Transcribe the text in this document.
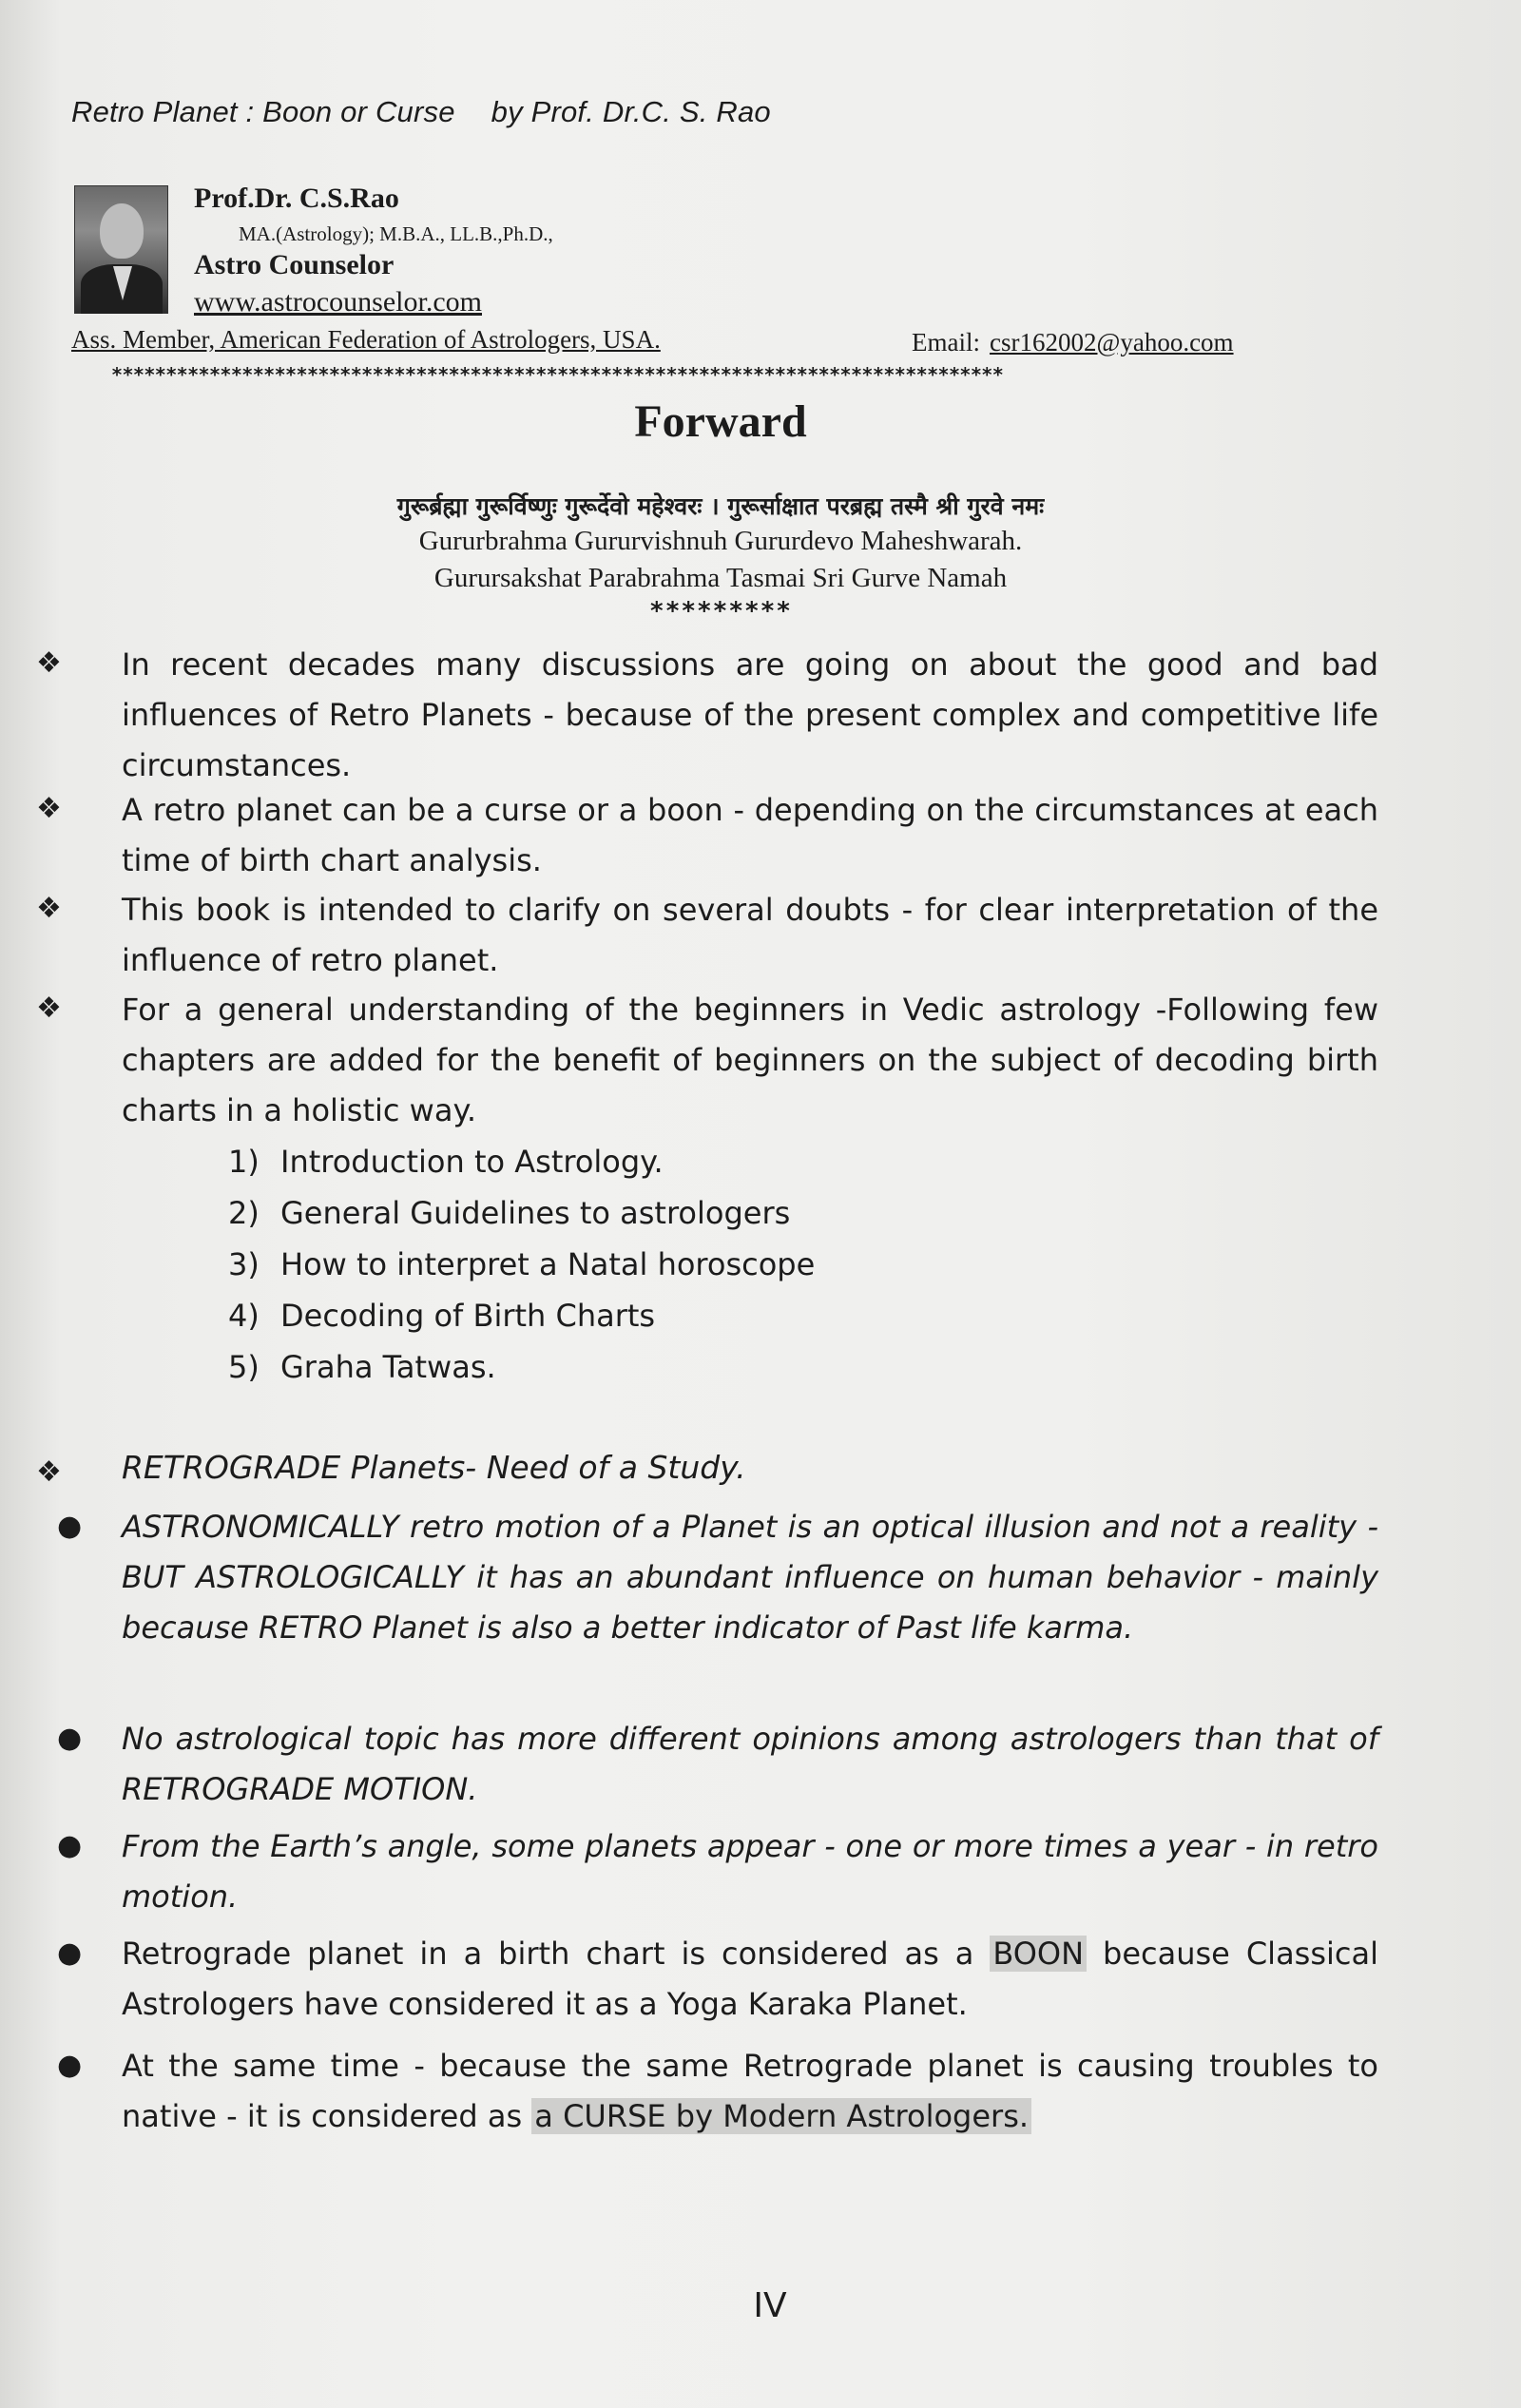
Retro Planet : Boon or Curse by Prof. Dr.C. S. Rao
Prof.Dr. C.S.Rao
MA.(Astrology); M.B.A., LL.B.,Ph.D.,
Astro Counselor
www.astrocounselor.com
Ass. Member, American Federation of Astrologers, USA.	Email: csr162002@yahoo.com
**********************************************************************************
Forward
गुरूर्ब्रह्मा गुरूर्विष्णुः गुरूर्देवो महेश्वरः । गुरूर्साक्षात परब्रह्म तस्मै श्री गुरवे नमः
Gururbrahma Gururvishnuh Gururdevo Maheshwarah.
Gurursakshat Parabrahma Tasmai Sri Gurve Namah
*********
❖ In recent decades many discussions are going on about the good and bad influences of Retro Planets - because of the present complex and competitive life circumstances.
❖ A retro planet can be a curse or a boon - depending on the circumstances at each time of birth chart analysis.
❖ This book is intended to clarify on several doubts - for clear interpretation of the influence of retro planet.
❖ For a general understanding of the beginners in Vedic astrology -Following few chapters are added for the benefit of beginners on the subject of decoding birth charts in a holistic way.
1) Introduction to Astrology.
2) General Guidelines to astrologers
3) How to interpret a Natal horoscope
4) Decoding of Birth Charts
5) Graha Tatwas.
❖ RETROGRADE Planets- Need of a Study.
● ASTRONOMICALLY retro motion of a Planet is an optical illusion and not a reality - BUT ASTROLOGICALLY it has an abundant influence on human behavior - mainly because RETRO Planet is also a better indicator of Past life karma.
● No astrological topic has more different opinions among astrologers than that of RETROGRADE MOTION.
● From the Earth’s angle, some planets appear - one or more times a year - in retro motion.
● Retrograde planet in a birth chart is considered as a BOON because Classical Astrologers have considered it as a Yoga Karaka Planet.
● At the same time - because the same Retrograde planet is causing troubles to native - it is considered as a CURSE by Modern Astrologers.
IV
